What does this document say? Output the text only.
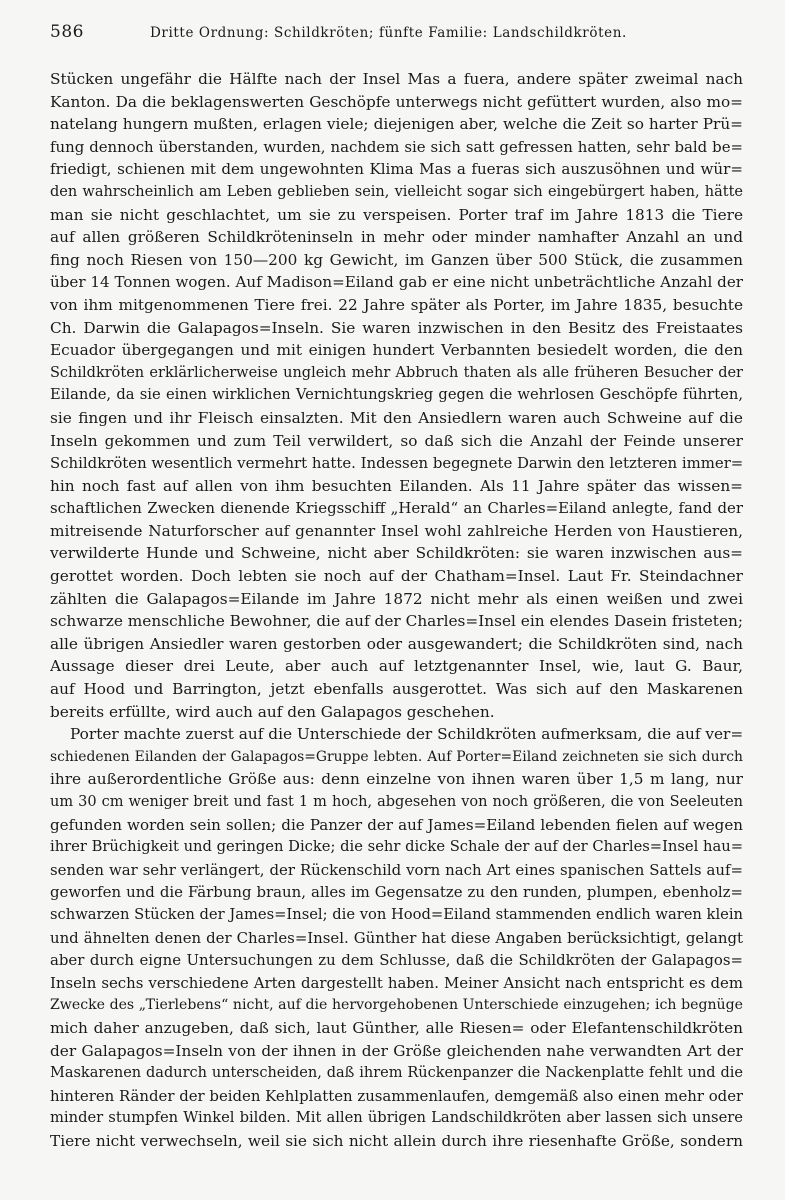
586	Dritte Ordnung: Schildkröten; fünfte Familie: Landschildkröten.
Stücken ungefähr die Hälfte nach der Insel Mas a fuera, andere später zweimal nach
Kanton. Da die beklagenswerten Geschöpfe unterwegs nicht gefüttert wurden, also mo=
natelang hungern mußten, erlagen viele; diejenigen aber, welche die Zeit so harter Prü=
fung dennoch überstanden, wurden, nachdem sie sich satt gefressen hatten, sehr bald be=
friedigt, schienen mit dem ungewohnten Klima Mas a fueras sich auszusöhnen und wür=
den wahrscheinlich am Leben geblieben sein, vielleicht sogar sich eingebürgert haben, hätte
man sie nicht geschlachtet, um sie zu verspeisen. Porter traf im Jahre 1813 die Tiere
auf allen größeren Schildkröteninseln in mehr oder minder namhafter Anzahl an und
fing noch Riesen von 150—200 kg Gewicht, im Ganzen über 500 Stück, die zusammen
über 14 Tonnen wogen. Auf Madison=Eiland gab er eine nicht unbeträchtliche Anzahl der
von ihm mitgenommenen Tiere frei. 22 Jahre später als Porter, im Jahre 1835, besuchte
Ch. Darwin die Galapagos=Inseln. Sie waren inzwischen in den Besitz des Freistaates
Ecuador übergegangen und mit einigen hundert Verbannten besiedelt worden, die den
Schildkröten erklärlicherweise ungleich mehr Abbruch thaten als alle früheren Besucher der
Eilande, da sie einen wirklichen Vernichtungskrieg gegen die wehrlosen Geschöpfe führten,
sie fingen und ihr Fleisch einsalzten. Mit den Ansiedlern waren auch Schweine auf die
Inseln gekommen und zum Teil verwildert, so daß sich die Anzahl der Feinde unserer
Schildkröten wesentlich vermehrt hatte. Indessen begegnete Darwin den letzteren immer=
hin noch fast auf allen von ihm besuchten Eilanden. Als 11 Jahre später das wissen=
schaftlichen Zwecken dienende Kriegsschiff „Herald“ an Charles=Eiland anlegte, fand der
mitreisende Naturforscher auf genannter Insel wohl zahlreiche Herden von Haustieren,
verwilderte Hunde und Schweine, nicht aber Schildkröten: sie waren inzwischen aus=
gerottet worden. Doch lebten sie noch auf der Chatham=Insel. Laut Fr. Steindachner
zählten die Galapagos=Eilande im Jahre 1872 nicht mehr als einen weißen und zwei
schwarze menschliche Bewohner, die auf der Charles=Insel ein elendes Dasein fristeten;
alle übrigen Ansiedler waren gestorben oder ausgewandert; die Schildkröten sind, nach
Aussage dieser drei Leute, aber auch auf letztgenannter Insel, wie, laut G. Baur,
auf Hood und Barrington, jetzt ebenfalls ausgerottet. Was sich auf den Maskarenen
bereits erfüllte, wird auch auf den Galapagos geschehen.
Porter machte zuerst auf die Unterschiede der Schildkröten aufmerksam, die auf ver=
schiedenen Eilanden der Galapagos=Gruppe lebten. Auf Porter=Eiland zeichneten sie sich durch
ihre außerordentliche Größe aus: denn einzelne von ihnen waren über 1,5 m lang, nur
um 30 cm weniger breit und fast 1 m hoch, abgesehen von noch größeren, die von Seeleuten
gefunden worden sein sollen; die Panzer der auf James=Eiland lebenden fielen auf wegen
ihrer Brüchigkeit und geringen Dicke; die sehr dicke Schale der auf der Charles=Insel hau=
senden war sehr verlängert, der Rückenschild vorn nach Art eines spanischen Sattels auf=
geworfen und die Färbung braun, alles im Gegensatze zu den runden, plumpen, ebenholz=
schwarzen Stücken der James=Insel; die von Hood=Eiland stammenden endlich waren klein
und ähnelten denen der Charles=Insel. Günther hat diese Angaben berücksichtigt, gelangt
aber durch eigne Untersuchungen zu dem Schlusse, daß die Schildkröten der Galapagos=
Inseln sechs verschiedene Arten dargestellt haben. Meiner Ansicht nach entspricht es dem
Zwecke des „Tierlebens“ nicht, auf die hervorgehobenen Unterschiede einzugehen; ich begnüge
mich daher anzugeben, daß sich, laut Günther, alle Riesen= oder Elefantenschildkröten
der Galapagos=Inseln von der ihnen in der Größe gleichenden nahe verwandten Art der
Maskarenen dadurch unterscheiden, daß ihrem Rückenpanzer die Nackenplatte fehlt und die
hinteren Ränder der beiden Kehlplatten zusammenlaufen, demgemäß also einen mehr oder
minder stumpfen Winkel bilden. Mit allen übrigen Landschildkröten aber lassen sich unsere
Tiere nicht verwechseln, weil sie sich nicht allein durch ihre riesenhafte Größe, sondern
